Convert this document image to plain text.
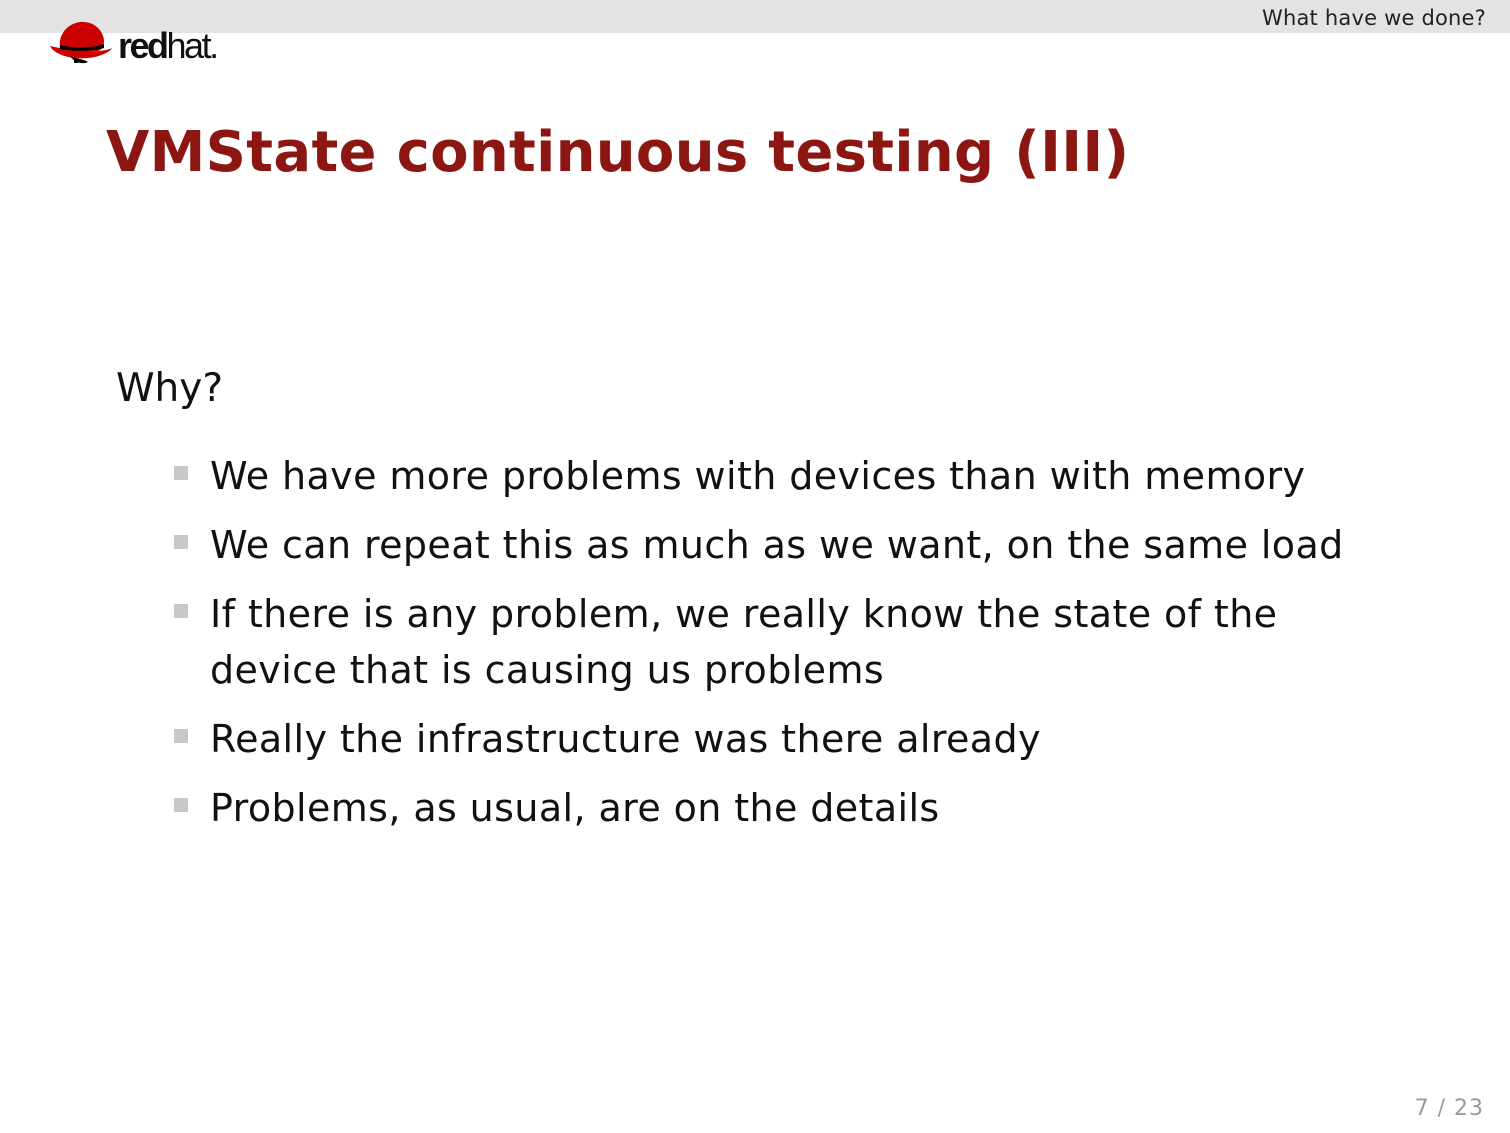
What have we done?
redhat.
VMState continuous testing (III)
Why?
We have more problems with devices than with memory
We can repeat this as much as we want, on the same load
If there is any problem, we really know the state of the device that is causing us problems
Really the infrastructure was there already
Problems, as usual, are on the details
7 / 23
